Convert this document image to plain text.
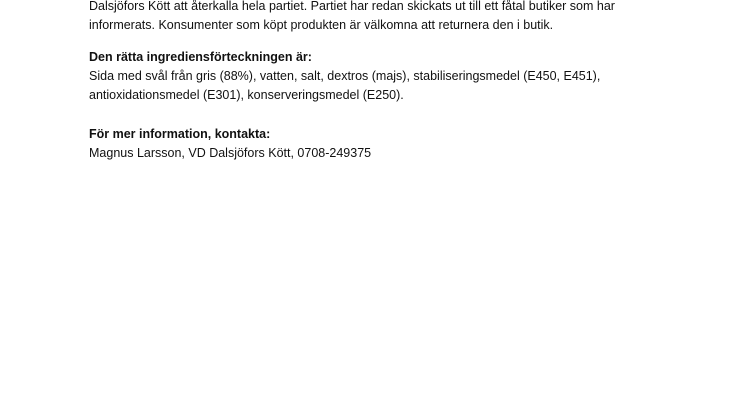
Dalsjöfors Kött att återkalla hela partiet. Partiet har redan skickats ut till ett fåtal butiker som har

informerats. Konsumenter som köpt produkten är välkomna att returnera den i butik.

Den rätta ingrediensförteckningen är:

Sida med svål från gris (88%), vatten, salt, dextros (majs), stabiliseringsmedel (E450, E451),

antioxidationsmedel (E301), konserveringsmedel (E250).

För mer information, kontakta:

Magnus Larsson, VD Dalsjöfors Kött, 0708-249375
